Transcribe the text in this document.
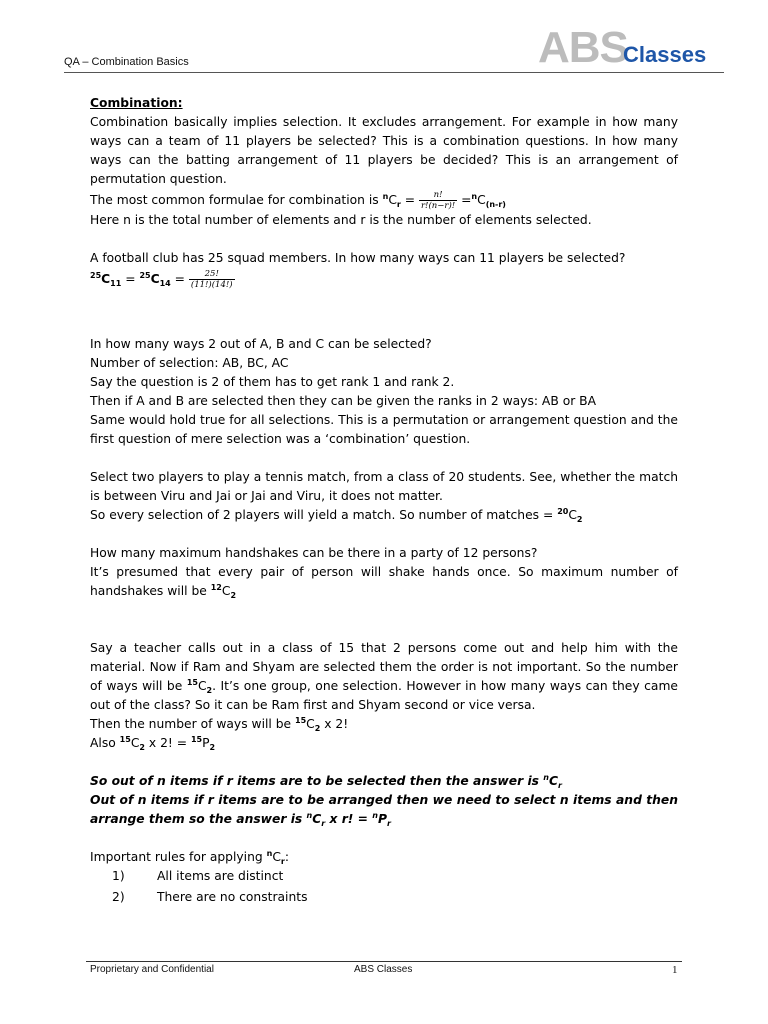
QA – Combination Basics	ABS
Classes

Combination:

Combination basically implies selection. It excludes arrangement. For example in how many ways can a team of 11 players be selected? This is a combination questions. In how many ways can the batting arrangement of 11 players be decided? This is an arrangement of permutation question.

The most common formulae for combination is $^nC_r = \frac{n!}{r!(n-r)!} =^nC_{(n-r)}$

Here n is the total number of elements and r is the number of elements selected.

A football club has 25 squad members. In how many ways can 11 players be selected?

$^{25}C_{11} = ^{25}C_{14} = \frac{25!}{(11!)(14!)}$

In how many ways 2 out of A, B and C can be selected?

Number of selection: AB, BC, AC

Say the question is 2 of them has to get rank 1 and rank 2.

Then if A and B are selected then they can be given the ranks in 2 ways: AB or BA

Same would hold true for all selections. This is a permutation or arrangement question and the first question of mere selection was a ‘combination’ question.

Select two players to play a tennis match, from a class of 20 students. See, whether the match is between Viru and Jai or Jai and Viru, it does not matter.

So every selection of 2 players will yield a match. So number of matches = $^{20}C_2$

How many maximum handshakes can be there in a party of 12 persons?

It’s presumed that every pair of person will shake hands once. So maximum number of handshakes will be $^{12}C_2$

Say a teacher calls out in a class of 15 that 2 persons come out and help him with the material. Now if Ram and Shyam are selected them the order is not important. So the number of ways will be $^{15}C_2$. It’s one group, one selection. However in how many ways can they came out of the class? So it can be Ram first and Shyam second or vice versa.

Then the number of ways will be $^{15}C_2$ x 2!

Also $^{15}C_2$ x 2! = $^{15}P_2$

So out of n items if r items are to be selected then the answer is $^nC_r$

Out of n items if r items are to be arranged then we need to select n items and then arrange them so the answer is $^nC_r$ x r! = $^nP_r$

Important rules for applying $^nC_r$:

1)	All items are distinct
2)	There are no constraints
Proprietary and Confidential	ABS Classes	1
